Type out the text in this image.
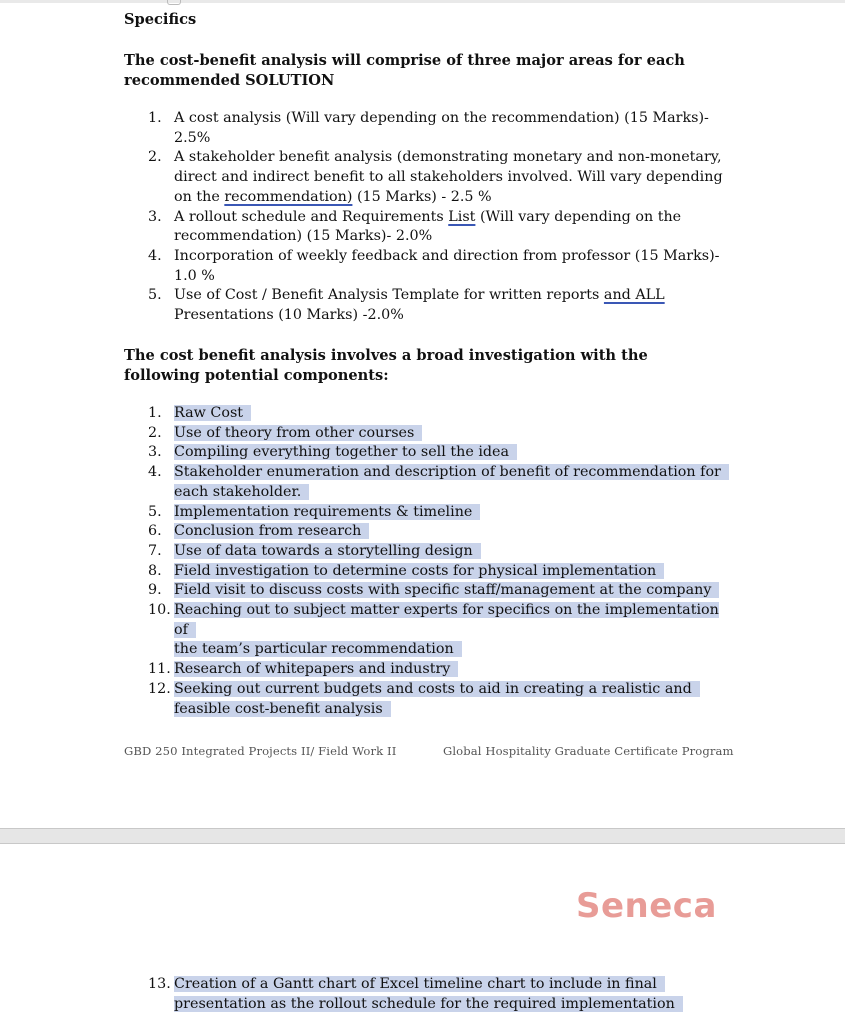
Specifics
The cost-benefit analysis will comprise of three major areas for each recommended SOLUTION
1. A cost analysis (Will vary depending on the recommendation) (15 Marks)-
2.5%
2. A stakeholder benefit analysis (demonstrating monetary and non-monetary,
direct and indirect benefit to all stakeholders involved. Will vary depending
on the recommendation) (15 Marks) - 2.5 %
3. A rollout schedule and Requirements List (Will vary depending on the
recommendation) (15 Marks)- 2.0%
4. Incorporation of weekly feedback and direction from professor (15 Marks)-
1.0 %
5. Use of Cost / Benefit Analysis Template for written reports and ALL
Presentations (10 Marks) -2.0%
The cost benefit analysis involves a broad investigation with the following potential components:
1. Raw Cost
2. Use of theory from other courses
3. Compiling everything together to sell the idea
4. Stakeholder enumeration and description of benefit of recommendation for
each stakeholder.
5. Implementation requirements & timeline
6. Conclusion from research
7. Use of data towards a storytelling design
8. Field investigation to determine costs for physical implementation
9. Field visit to discuss costs with specific staff/management at the company
10. Reaching out to subject matter experts for specifics on the implementation of
the team’s particular recommendation
11. Research of whitepapers and industry
12. Seeking out current budgets and costs to aid in creating a realistic and
feasible cost-benefit analysis
GBD 250 Integrated Projects II/ Field Work II	Global Hospitality Graduate Certificate Program
Seneca
13. Creation of a Gantt chart of Excel timeline chart to include in final
presentation as the rollout schedule for the required implementation
